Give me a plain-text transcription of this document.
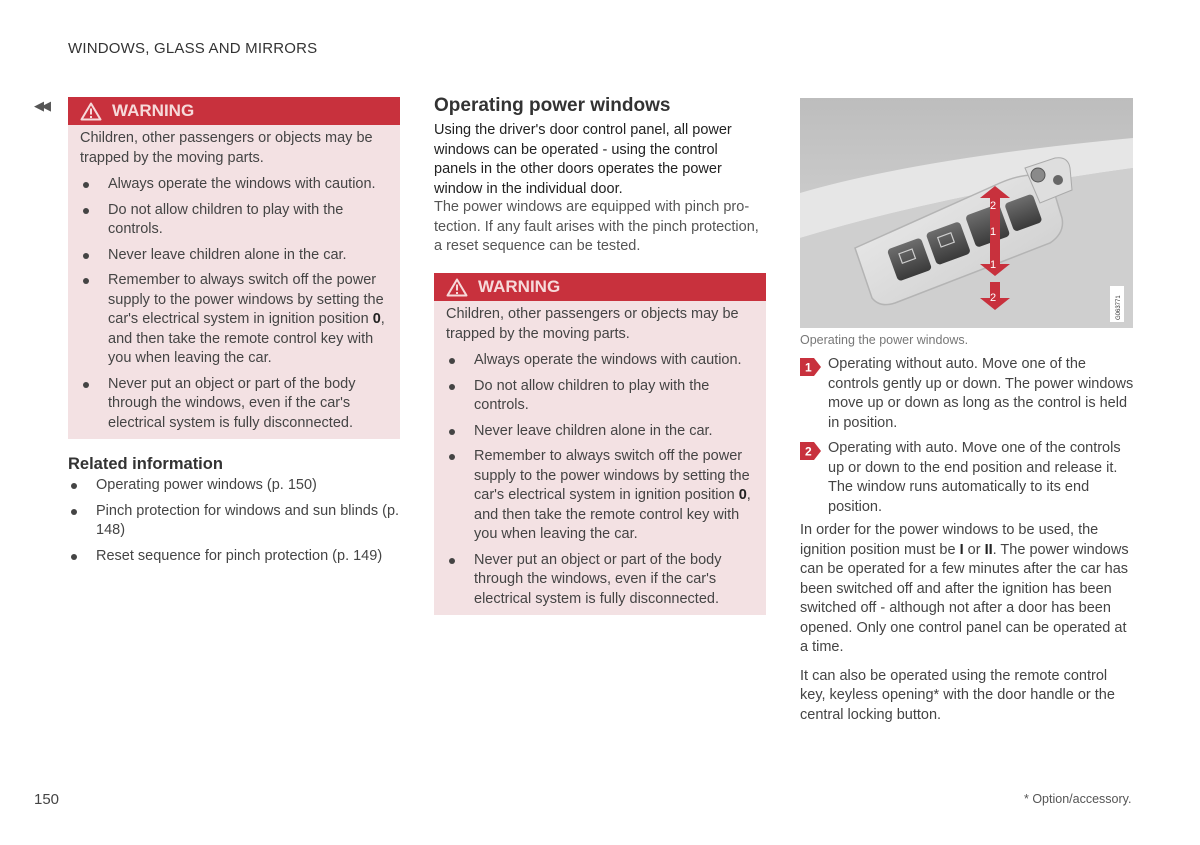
WINDOWS, GLASS AND MIRRORS
◀◀	WARNING

Children, other passengers or objects may be trapped by the moving parts.

Always operate the windows with caution.
Do not allow children to play with the controls.
Never leave children alone in the car.
Remember to always switch off the power supply to the power windows by setting the car's electrical system in ignition position 0, and then take the remote control key with you when leaving the car.
Never put an object or part of the body through the windows, even if the car's electrical system is fully disconnected.
Related information
Operating power windows (p. 150)
Pinch protection for windows and sun blinds (p. 148)
Reset sequence for pinch protection (p. 149)
Operating power windows
Using the driver's door control panel, all power windows can be operated - using the control panels in the other doors operates the power window in the individual door.
The power windows are equipped with pinch protection. If any fault arises with the pinch protection, a reset sequence can be tested.
WARNING

Children, other passengers or objects may be trapped by the moving parts.

Always operate the windows with caution.
Do not allow children to play with the controls.
Never leave children alone in the car.
Remember to always switch off the power supply to the power windows by setting the car's electrical system in ignition position 0, and then take the remote control key with you when leaving the car.
Never put an object or part of the body through the windows, even if the car's electrical system is fully disconnected.
2
1
1
2	G063771
Operating the power windows.
1 Operating without auto. Move one of the controls gently up or down. The power windows move up or down as long as the control is held in position.
2 Operating with auto. Move one of the controls up or down to the end position and release it. The window runs automatically to its end position.

In order for the power windows to be used, the ignition position must be I or II. The power windows can be operated for a few minutes after the car has been switched off and after the ignition has been switched off - although not after a door has been opened. Only one control panel can be operated at a time.

It can also be operated using the remote control key, keyless opening* with the door handle or the central locking button.

150	* Option/accessory.
